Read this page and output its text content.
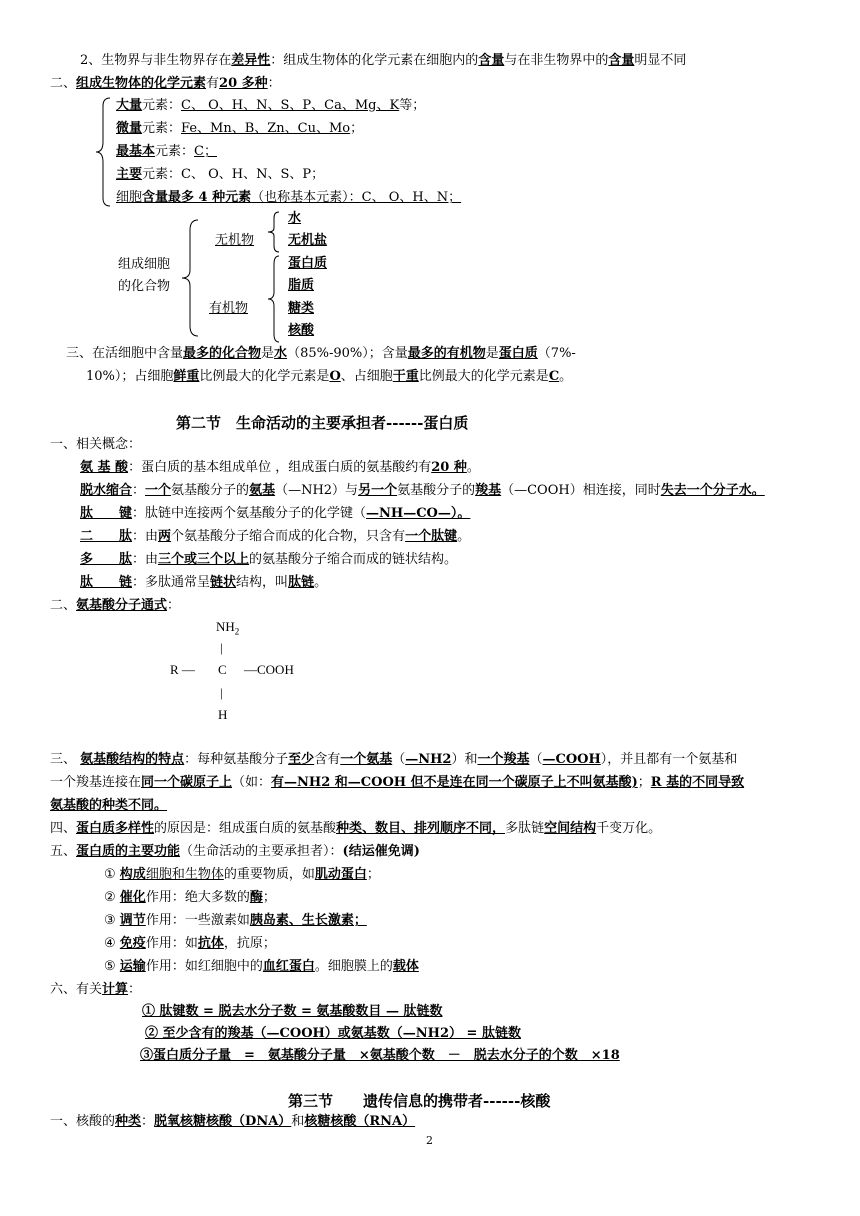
2、生物界与非生物界存在差异性：组成生物体的化学元素在细胞内的含量与在非生物界中的含量明显不同
二、组成生物体的化学元素有20 多种：
大量元素：C、 O、H、N、S、P、Ca、Mg、K等；
微量元素：Fe、Mn、B、Zn、Cu、Mo；
最基本元素：C；
主要元素：C、 O、H、N、S、P；
细胞含量最多 4 种元素（也称基本元素）：C、 O、H、N；
组成细胞
的化合物
无机物
水
无机盐
有机物
蛋白质
脂质
糖类
核酸
三、在活细胞中含量最多的化合物是水（85%-90%）；含量最多的有机物是蛋白质（7%-
10%）；占细胞鲜重比例最大的化学元素是O、占细胞干重比例最大的化学元素是C。
第二节　生命活动的主要承担者------蛋白质
一、相关概念：
氨 基 酸：蛋白质的基本组成单位 ，组成蛋白质的氨基酸约有20 种。
脱水缩合：一个氨基酸分子的氨基（—NH2）与另一个氨基酸分子的羧基（—COOH）相连接，同时失去一个分子水。
肽　　键：肽链中连接两个氨基酸分子的化学键（—NH—CO—）。
二　　肽：由两个氨基酸分子缩合而成的化合物，只含有一个肽键。
多　　肽：由三个或三个以上的氨基酸分子缩合而成的链状结构。
肽　　链：多肽通常呈链状结构，叫肽链。
二、氨基酸分子通式：
$NH_2$
|
R — C —COOH
|
H
三、 氨基酸结构的特点：每种氨基酸分子至少含有一个氨基（—NH2）和一个羧基（—COOH），并且都有一个氨基和
一个羧基连接在同一个碳原子上（如：有—NH2 和—COOH 但不是连在同一个碳原子上不叫氨基酸)；R 基的不同导致
氨基酸的种类不同。
四、蛋白质多样性的原因是：组成蛋白质的氨基酸种类、数目、排列顺序不同，多肽链空间结构千变万化。
五、蛋白质的主要功能（生命活动的主要承担者）：(结运催免调)
① 构成细胞和生物体的重要物质，如肌动蛋白；
② 催化作用：绝大多数的酶；
③ 调节作用：一些激素如胰岛素、生长激素；
④ 免疫作用：如抗体，抗原；
⑤ 运输作用：如红细胞中的血红蛋白。细胞膜上的载体
六、有关计算：
① 肽键数 = 脱去水分子数 = 氨基酸数目 — 肽链数
② 至少含有的羧基（—COOH）或氨基数（—NH2） = 肽链数
③蛋白质分子量　=　氨基酸分子量　×氨基酸个数　－　脱去水分子的个数　×18
第三节　　遗传信息的携带者------核酸
一、核酸的种类：脱氧核糖核酸（DNA）和核糖核酸（RNA）
2
